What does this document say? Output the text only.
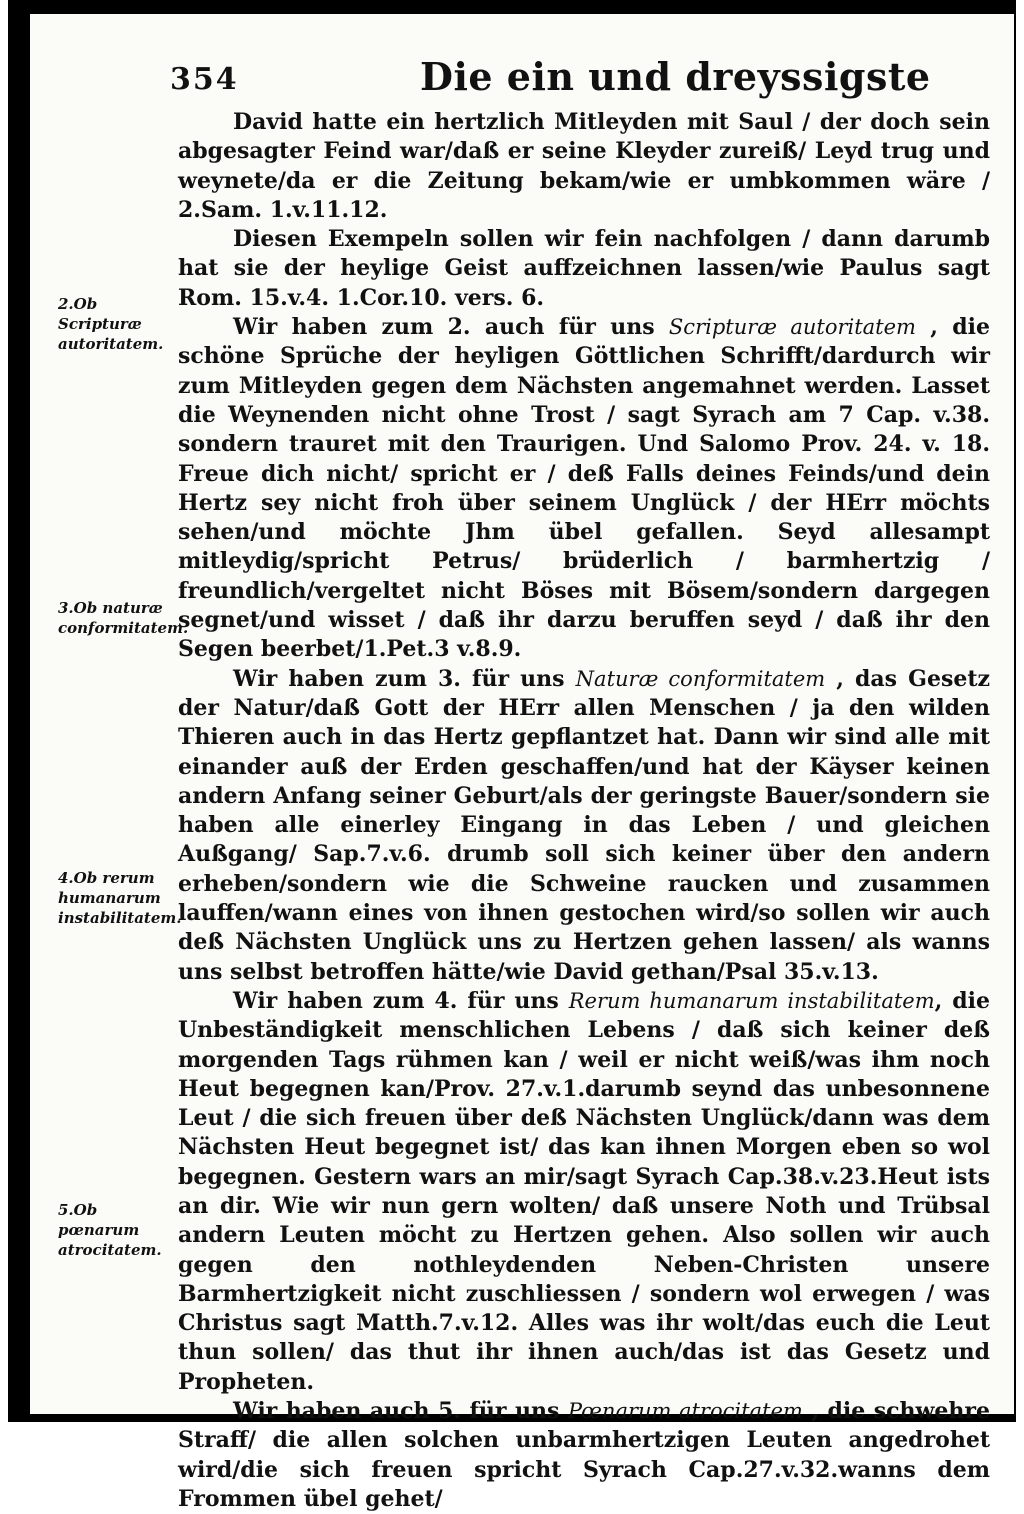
354	Die ein und dreyssigste

David hatte ein hertzlich Mitleyden mit Saul / der doch sein abgesagter Feind war/daß er seine Kleyder zureiß/ Leyd trug und weynete/da er die Zeitung bekam/wie er umbkommen wäre / 2.Sam. 1.v.11.12.

Diesen Exempeln sollen wir fein nachfolgen / dann darumb hat sie der heylige Geist auffzeichnen lassen/wie Paulus sagt Rom. 15.v.4. 1.Cor.10. vers. 6.

Wir haben zum 2. auch für uns Scripturæ autoritatem , die schöne Sprüche der heyligen Göttlichen Schrifft/dardurch wir zum Mitleyden gegen dem Nächsten angemahnet werden. Lasset die Weynenden nicht ohne Trost / sagt Syrach am 7 Cap. v.38. sondern trauret mit den Traurigen. Und Salomo Prov. 24. v. 18. Freue dich nicht/ spricht er / deß Falls deines Feinds/und dein Hertz sey nicht froh über seinem Unglück / der HErr möchts sehen/und möchte Jhm übel gefallen. Seyd allesampt mitleydig/spricht Petrus/ brüderlich / barmhertzig / freundlich/vergeltet nicht Böses mit Bösem/sondern dargegen segnet/und wisset / daß ihr darzu beruffen seyd / daß ihr den Segen beerbet/1.Pet.3 v.8.9.

Wir haben zum 3. für uns Naturæ conformitatem , das Gesetz der Natur/daß Gott der HErr allen Menschen / ja den wilden Thieren auch in das Hertz gepflantzet hat. Dann wir sind alle mit einander auß der Erden geschaffen/und hat der Käyser keinen andern Anfang seiner Geburt/als der geringste Bauer/sondern sie haben alle einerley Eingang in das Leben / und gleichen Außgang/ Sap.7.v.6. drumb soll sich keiner über den andern erheben/sondern wie die Schweine raucken und zusammen lauffen/wann eines von ihnen gestochen wird/so sollen wir auch deß Nächsten Unglück uns zu Hertzen gehen lassen/ als wanns uns selbst betroffen hätte/wie David gethan/Psal 35.v.13.

Wir haben zum 4. für uns Rerum humanarum instabilitatem, die Unbeständigkeit menschlichen Lebens / daß sich keiner deß morgenden Tags rühmen kan / weil er nicht weiß/was ihm noch Heut begegnen kan/Prov. 27.v.1.darumb seynd das unbesonnene Leut / die sich freuen über deß Nächsten Unglück/dann was dem Nächsten Heut begegnet ist/ das kan ihnen Morgen eben so wol begegnen. Gestern wars an mir/sagt Syrach Cap.38.v.23.Heut ists an dir. Wie wir nun gern wolten/ daß unsere Noth und Trübsal andern Leuten möcht zu Hertzen gehen. Also sollen wir auch gegen den nothleydenden Neben-Christen unsere Barmhertzigkeit nicht zuschliessen / sondern wol erwegen / was Christus sagt Matth.7.v.12. Alles was ihr wolt/das euch die Leut thun sollen/ das thut ihr ihnen auch/das ist das Gesetz und Propheten.

Wir haben auch 5. für uns Pœnarum atrocitatem , die schwehre Straff/ die allen solchen unbarmhertzigen Leuten angedrohet wird/die sich freuen spricht Syrach Cap.27.v.32.wanns dem Frommen übel gehet/

2.Ob Scripturæ autoritatem.
3.Ob naturæ conformitatem.
4.Ob rerum humanarum instabilitatem.
5.Ob pœnarum atrocitatem.
